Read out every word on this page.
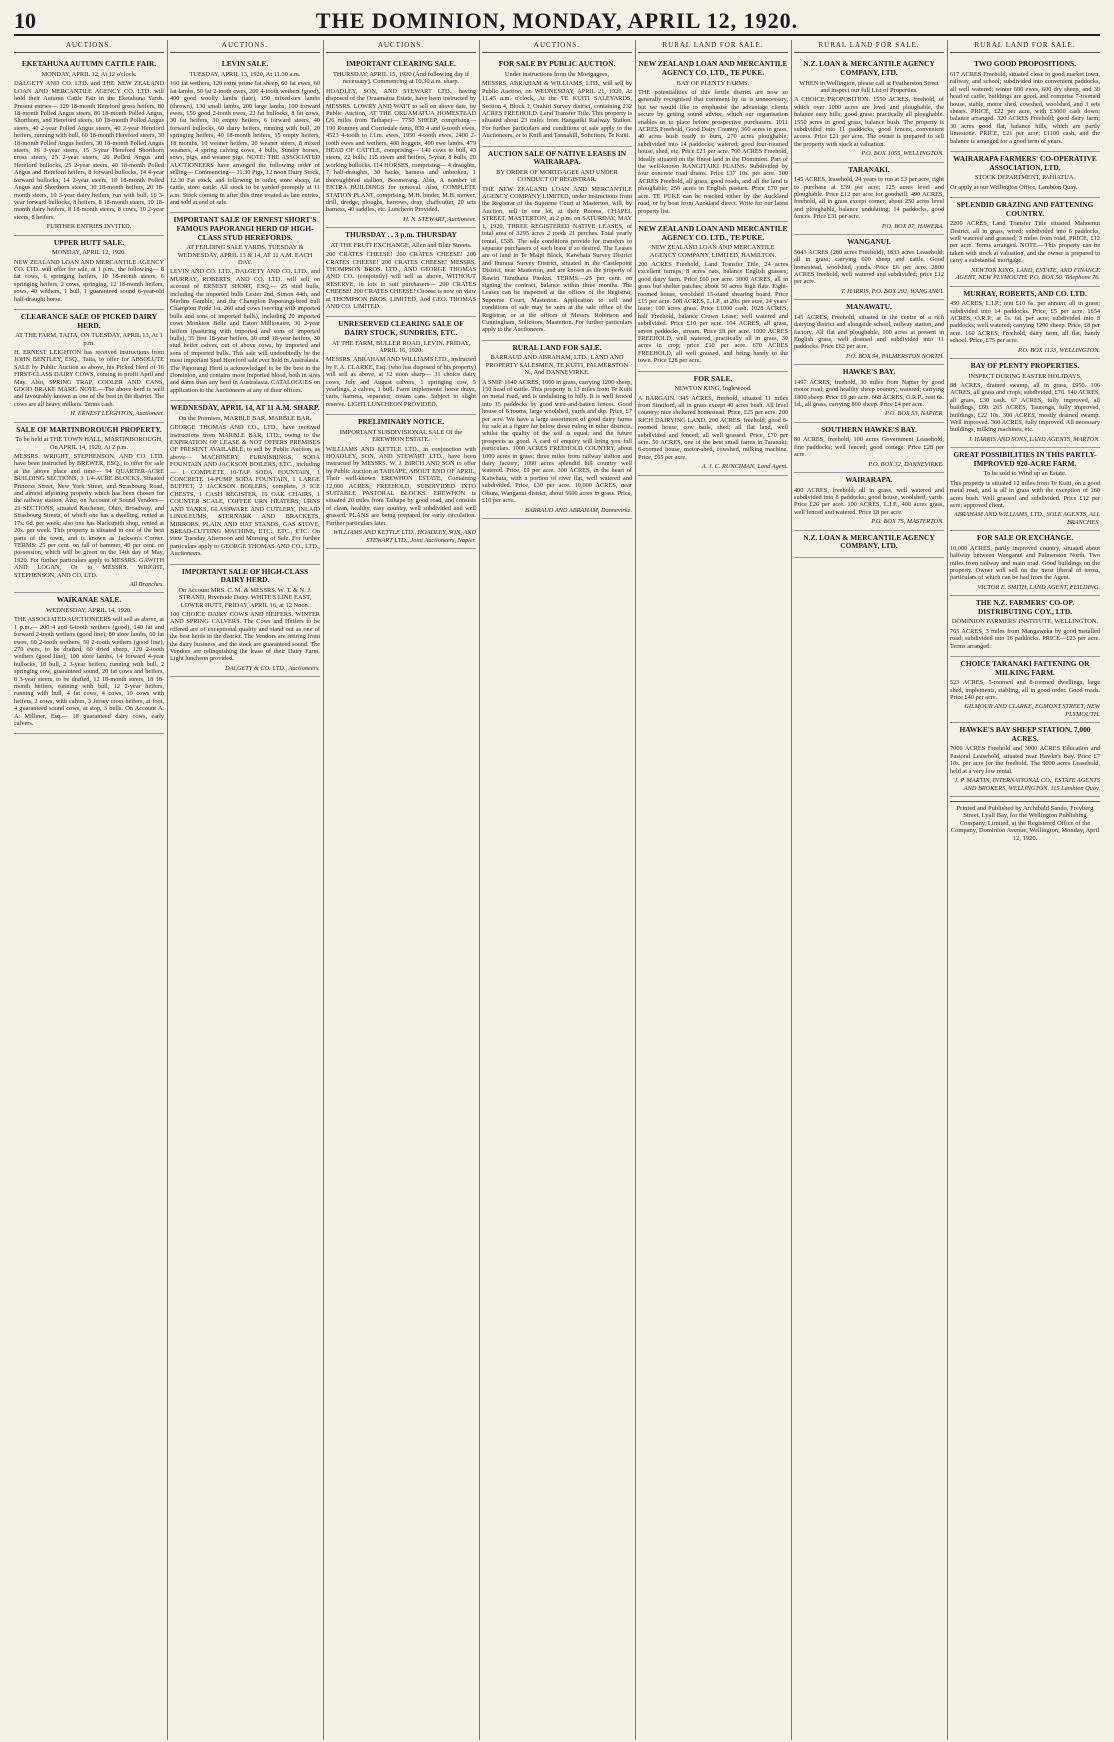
10	THE DOMINION, MONDAY, APRIL 12, 1920.
AUCTIONS.
EKETAHUNA AUTUMN CATTLE FAIR.
MONDAY, APRIL 12, At 12 o'clock.

DALGETY AND CO. LTD. and THE NEW ZEALAND LOAN AND MERCANTILE AGENCY CO. LTD. will hold their Autumn Cattle Fair in the Eketahuna Yards. Present entries— 120 18-month Hereford gross heifers, 80 18-month Polled Angus steers, 80 18-month Polled Angus, Shorthorn, and Hereford steers, 60 18-month Polled Angus steers, 40 2-year Polled Angus steers, 40 2-year Hereford heifers, running with bull, 60 18-month Hereford steers, 30 18-month Polled Angus heifers, 30 18-month Polled Angus steers, 16 3-year steers, 15 3-year Hereford Shorthorn cross steers, 25 2-year steers, 20 Polled Angus and Hereford bullocks, 25 2-year steers, 40 18-month Polled Angus and Hereford heifers, 8 forward bullocks, 14 4-year forward bullocks, 14 2-year steers, 18 18-month Polled Angus and Shorthorn steers, 30 18-month heifers, 20 18-month steers, 10 3-year dairy heifers, run with bull, 16 3-year forward bullocks, 8 heifers, 8 18-month steers, 10 18-month dairy heifers, 8 18-month steers, 8 cows, 10 2-year steers, 8 heifers.

FURTHER ENTRIES INVITED.
UPPER HUTT SALE.
MONDAY, APRIL 12, 1920.

NEW ZEALAND LOAN AND MERCANTILE AGENCY CO. LTD. will offer for sale, at 1 p.m., the following— 8 fat cows, 6 springing heifers, 10 18-month steers, 6 springing heifers, 2 cows, springing, 12 18-month heifers, sows, 40 wethers, 1 bull, 1 guaranteed sound 6-year-old half-draught horse.

CLEARANCE SALE OF PICKED DAIRY HERD.
AT THE FARM, TAITA, ON TUESDAY, APRIL 13, At 1 p.m.

H. ERNEST LEIGHTON has received instructions from JOHN BENTLEY, ESQ., Taita, to offer for ABSOLUTE SALE by Public Auction as above, his Picked Herd of 16 FIRST-CLASS DAIRY COWS, coming to profit April and May. Also, SPRING TRAP, COOLER AND CANS, GOOD BRAKE MARE. NOTE.—The above herd is well and favourably known as one of the best in the district. The cows are all heavy milkers. Terms cash.

H. ERNEST LEIGHTON, Auctioneer.
SALE OF MARTINBOROUGH PROPERTY.
To be held at THE TOWN HALL, MARTINBOROUGH, On APRIL 14, 1920, At 2 p.m.

MESSRS. WRIGHT, STEPHENSON, AND CO. LTD. have been instructed by BREWER, ESQ., to offer for sale at the above place and time— 94 QUARTER-ACRE BUILDING SECTIONS, 3 1/4-ACRE BLOCKS. Situated Princess Street, New York Street, and Strasbourg Road, and almost adjoining property which has been chosen for the railway station. Also, on Account of Sound Vendors— 23 SECTIONS, situated Kitchener, Ohio, Broadway, and Strasbourg Streets, of which one has a dwelling, rented at 17s. 6d. per week; also one has blacksmith shop, rented at 20s. per week. This property is situated in one of the best parts of the town, and is known as Jackson's Corner. TERMS: 25 per cent. on fall of hammer, 40 per cent. on possession, which will be given on the 14th day of May, 1920. For further particulars apply to MESSRS. GAWITH AND LOGAN, Or to MESSRS. WRIGHT, STEPHENSON, AND CO. LTD.

All Branches.
WAIKANAE SALE.
WEDNESDAY, APRIL 14, 1920.

THE ASSOCIATED AUCTIONEERS will sell as above, at 1 p.m.— 200 4 and 6-tooth wethers (good), 140 fat and forward 2-tooth wethers (good line), 80 store lambs, 60 fat ewes, 60 2-tooth wethers, 50 2-tooth wethers (good line), 270 ewes, to be drafted, 60 dried sheep, 120 2-tooth wethers (good line), 100 store lambs, 14 forward 4-year bullocks, 18 bull, 2 3-year heifers, running with bull, 2 springing cow, guaranteed sound, 20 fat cows and heifers, 8 3-year steers, to be drafted, 12 18-month steers, 18 18-month heifers, running with bull, 12 2-year heifers, running with bull, 4 fat cows, 4 cows, 10 cows with heifers, 2 cows, with calves, 3 Jersey cross heifers, at foot, 4 guaranteed sound cows, at stop, 3 bulls. On Account A. A. Milliner, Esq.— 18 guaranteed dairy cows, early calvers.

AUCTIONS.
LEVIN SALE.
TUESDAY, APRIL 13, 1920, At 11.30 a.m.

160 fat wethers, 120 extra prime fat sheep, 60 fat ewes, 60 fat lambs, 50 fat 2-tooth ewes, 200 4-tooth wethers (good), 400 good woolly lambs (late), 150 mixed-sex lambs (thrown), 130 small lambs, 200 large lambs, 100 forward ewes, 150 good 2-tooth ewes, 22 fat bullocks, 8 fat cows, 30 fat heifers, 30 empty heifers, 6 forward steers, 40 forward bullocks, 60 dairy heifers, running with bull, 20 springing heifers, 40 18-month heifers, 15 empty heifers, 18 months, 10 weaner heifers, 20 weaner steers, 8 mixed weaners, 4 spring calving cows, 4 bulls, Sundry horses, sows, pigs, and weaner pigs. NOTE: THE ASSOCIATED AUCTIONEERS have arranged the following order of selling— Commencing— 11.30 Pigs, 12 noon Dairy Stock, 12.30 Fat stock, and following in order, store sheep, fat cattle, store cattle. All stock to be yarded promptly at 11 a.m. Stock coming in after this time treated as late entries, and sold at end of sale.

IMPORTANT SALE OF ERNEST SHORT'S FAMOUS PAPORANGI HERD OF HIGH-CLASS STUD HEREFORDS.
AT FEILDING SALE YARDS, TUESDAY & WEDNESDAY, APRIL 13 & 14, AT 11 A.M. EACH DAY.

LEVIN AND CO. LTD., DALGETY AND CO. LTD., and MURRAY, ROBERTS, AND CO. LTD. will sell on account of ERNEST SHORT, ESQ.— 25 stud bulls, including the imported bulls Lester 2nd, Simon 44th, and Merlins Gamble, and the Champion Paporangi-bred bull Champion Pride 1st. 260 stud cows (serving with imported bulls and sons of imported bulls), including 20 imported cows Monkton Belle and Eaton Millionaire, 30 2-year heifers (pasturing with imported and sons of imported bulls), 35 first 18-year heifers, 30 stud 18-year heifers, 30 stud heifer calves, out of above cows, by imported and sons of imported bulls. This sale will undoubtedly be the most important Stud Hereford sale ever held in Australasia. The Paporangi Herd is acknowledged to be the best in the Dominion, and contains more imported blood, both in sires and dams than any herd in Australasia. CATALOGUES on application to the Auctioneers at any of their offices.

WEDNESDAY, APRIL 14, AT 11 A.M. SHARP.
On the Premises, MARBLE BAR, MARBLE BAR.

GEORGE THOMAS AND CO., LTD., have received instructions from MARBLE BAR, LTD., owing to the EXPIRATION OF LEASE & NOT OFFERS PREMISES OF PRESENT AVAILABLE, to sell by Public Auction, as above— MACHINERY, FURNISHINGS, SODA FOUNTAIN AND JACKSON BOILERS, ETC., including— 1 COMPLETE 10-TAP SODA FOUNTAIN, 1 CONCRETE 14-PUMP SODA FOUNTAIN, 1 LARGE BUFFET, 2 JACKSON BOILERS, complete, 3 ICE CHESTS, 1 CASH REGISTER, 10 OAK CHAIRS, 1 COUNTER SCALE, COFFEE URN HEATERS, URNS AND TANKS, GLASSWARE AND CUTLERY, INLAID LINOLEUMS, STERNARK AND BRACKETS, MIRRORS, PLAIN AND HAT STANDS, GAS STOVE, BREAD-CUTTING MACHINE, ETC., ETC., ETC. On view Tuesday Afternoon and Morning of Sale. For further particulars apply to GEORGE THOMAS AND CO., LTD., Auctioneers.

IMPORTANT SALE OF HIGH-CLASS DAIRY HERD.
On Account MRS. C. M. & MESSRS. W. T. & N. J. STRAND, Riverside Dairy. WHITE'S LINE EAST, LOWER HUTT, FRIDAY, APRIL 16, at 12 Noon.

100 CHOICE DAIRY COWS AND HEIFERS. WINTER AND SPRING CALVERS. The Cows and Heifers to be offered are of exceptional quality and stand out as one of the best herds in the district. The Vendors are retiring from the dairy business, and the stock are guaranteed sound. The Vendors are relinquishing the lease of their Dairy Farm. Light luncheon provided.

DALGETY & CO. LTD., Auctioneers.
AUCTIONS.
IMPORTANT CLEARING SALE.
THURSDAY, APRIL 15, 1920 (And following day if necessary). Commencing at 10.30 a.m. sharp.

HOADLEY, SON, AND STEWART LTD., having disposed of the Oruamatua Estate, have been instructed by MESSRS. LOWRY AND WATT to sell on above date, by Public Auction, AT THE ORUAMATUA HOMESTEAD (26 miles from Taihape)— 7750 SHEEP, comprising— 190 Romney and Corriedale rams, 850 4 and 6-tooth ewes, 4523 4-tooth to f.f.m. ewes, 1950 4-tooth ewes, 2400 2-tooth ewes and wethers, 400 hoggets, 400 ewe lambs. 479 HEAD OF CATTLE, comprising— 140 cows to bull, 43 steers, 22 bulls, 115 steers and heifers, 5-year, 8 bulls, 20 working bullocks. 114 HORSES, comprising— 4 draughts, 7 half-draughts, 30 hacks, harness and unbroken, 1 thoroughbred stallion, Boomerang. Also, A number of EXTRA BUILDINGS for removal. Also, COMPLETE STATION PLANT, comprising, M.H. binder, M.H. mower, drill, dredge, ploughs, harrows, dray, chaffcutter, 20 sets harness, 40 saddles, etc. Luncheon Provided.

H. N. STEWART, Auctioneer.
THURSDAY . . 3 p.m. THURSDAY
AT THE FRUIT EXCHANGE, Allen and Blair Streets.

200 CRATES CHEESE! 200 CRATES CHEESE! 200 CRATES CHEESE! 200 CRATES CHEESE! MESSRS. THOMPSON BROS. LTD., AND GEORGE THOMAS AND CO. (conjointly) will sell as above, WITHOUT RESERVE, in lots to suit purchasers— 200 CRATES CHEESE! 200 CRATES CHEESE! Choose is now on view at THOMPSON BROS. LIMITED, And GEO. THOMAS AND CO. LIMITED.

UNRESERVED CLEARING SALE OF DAIRY STOCK, SUNDRIES, ETC.
AT THE FARM, BULLER ROAD, LEVIN. FRIDAY, APRIL 16, 1920.

MESSRS. ABRAHAM AND WILLIAMS LTD., instructed by F. A. CLARKE, Esq. (who has disposed of his property) will sell as above, at 12 noon sharp— 31 choice dairy cows, July and August calvers, 1 springing cow, 5 yearlings, 2 calves, 1 bull. Farm implements: horse drays, carts, harness, separator, cream cans. Subject to slight reserve. LIGHT LUNCHEON PROVIDED.

PRELIMINARY NOTICE.
IMPORTANT SUBDIVISIONAL SALE Of the EREWHON ESTATE.

WILLIAMS AND KETTLE LTD., in conjunction with HOADLEY, SON, AND STEWART LTD., have been instructed by MESSRS. W. J. BIRCH AND SON to offer by Public Auction at TAIHAPE, ABOUT END OF APRIL, Their well-known EREWHON ESTATE, Containing 12,000 ACRES, FREEHOLD, SUBDIVIDED INTO SUITABLE PASTORAL BLOCKS. EREWHON is situated 20 miles from Taihape by good road, and consists of clean, healthy, easy country, well subdivided and well grassed. PLANS are being prepared for early circulation. Further particulars later.

WILLIAMS AND KETTLE LTD., HOADLEY, SON, AND STEWART LTD., Joint Auctioneers, Napier.
AUCTIONS.
FOR SALE BY PUBLIC AUCTION.
Under instructions from the Mortgagees,

MESSRS. ABRAHAM & WILLIAMS, LTD., will sell by Public Auction, on WEDNESDAY, APRIL 21, 1920, At 11.45 a.m. o'clock, At the TE KUITI SALEYARDS, Section 4, Block 1, Orahiri Survey district, containing 232 ACRES FREEHOLD. Land Transfer Title. This property is situated about 23 miles from Hangatiki Railway Station. For further particulars and conditions of sale apply to the Auctioneers, or to Knill and Tannahill, Solicitors, Te Kuiti.

AUCTION SALE OF NATIVE LEASES IN WAIRARAPA.
BY ORDER OF MORTGAGEE AND UNDER CONDUCT OF REGISTRAR.

THE NEW ZEALAND LOAN AND MERCANTILE AGENCY COMPANY LIMITED, under instructions from the Registrar of the Supreme Court at Masterton, will, by Auction, sell in one lot, at their Rooms, CHAPEL STREET, MASTERTON, at 2 p.m. on SATURDAY, MAY 1, 1920, THREE REGISTERED NATIVE LEASES, of total area of 3295 acres 2 roods 21 perches. Total yearly rental, £535. The sale conditions provide for transfers to separate purchasers of each lease if so desired. The Leases are of land in Te Maipi Block, Kaiwhata Survey District and Ihuraua Survey District, situated in the Castlepoint District, near Masterton, and are known as the property of Rawiri Tamihana Pitokui. TERMS.—25 per cent. on signing the contract, balance within three months. The Leases can be inspected at the offices of the Registrar, Supreme Court, Masterton. Application to sell and conditions of sale may be seen at the sale office of the Registrar, or at the offices of Messrs. Robinson and Cunningham, Solicitors, Masterton. For further particulars apply to the Auctioneers.

RURAL LAND FOR SALE.
BARRAUD AND ABRAHAM, LTD., LAND AND PROPERTY SALESMEN, TE KUITI, PALMERSTON N., And DANNEVIRKE.

A SNIP. 1640 ACRES, 1000 in grass, carrying 1200 sheep, 150 head of cattle. This property is 13 miles from Te Kuiti on metal road, and is undulating to hilly. It is well fenced into 15 paddocks by good wire-and-batten fences. Good house of 6 rooms, large woolshed, yards and dip. Price, £7 per acre. We have a large assortment of good dairy farms for sale at a figure far below those ruling in other districts, whilst the quality of the soil is equal; and the future prospects as good. A card of enquiry will bring you full particulars. 1000 ACRES FREEHOLD COUNTRY, about 1000 acres in grass; three miles from railway station and dairy factory; 1000 acres splendid hill country well watered. Price, £9 per acre. 300 ACRES, in the heart of Kaiwhata, with a portion of river flat, well watered and subdivided. Price, £30 per acre. 10,000 ACRES, near Ohura, Wanganui district, about 5600 acres in grass. Price, £10 per acre.

BARRAUD AND ABRAHAM, Dannevirke.
RURAL LAND FOR SALE.
NEW ZEALAND LOAN AND MERCANTILE AGENCY CO. LTD., TE PUKE.
BAY OF PLENTY FARMS.

THE potentialities of this fertile district are now so generally recognised that comment by us is unnecessary, but we would like to emphasise the advantage clients secure by getting sound advice, which our organisation enables us to place before prospective purchasers. 1011 ACRES Freehold, Good Dairy Country, 360 acres in grass, 40 acres bush ready to burn, 270 acres ploughable; subdivided into 14 paddocks; watered; good four-roomed house, shed, etc. Price £21 per acre. 700 ACRES Freehold, Ideally situated on the finest land in the Dominion. Part of the well-known RANGITAIKI PLAINS. Subdivided by four concrete road drains. Price £37 10s. per acre. 300 ACRES Freehold, all grass, good roads, and all the land is ploughable; 250 acres in English pasture. Price £70 per acre. TE PUKE can be reached either by the Auckland road, or by boat from Auckland direct. Write for our latest property list.

NEW ZEALAND LOAN AND MERCANTILE AGENCY CO. LTD., TE PUKE.
NEW ZEALAND LOAN AND MERCANTILE AGENCY COMPANY, LIMITED, HAMILTON.

200 ACRES Freehold, Land Transfer Title, 24 acres excellent turnips, 8 acres oats, balance English grasses; good dairy farm. Price £60 per acre. 3000 ACRES, all in grass but shelter patches; about 50 acres high flats. Eight-roomed house, woolshed 15-stand shearing board. Price £15 per acre. 508 ACRES, L.I.P., at 20s. per acre, 24 years' lease; 100 acres grass. Price £1000 cash. 1028 ACRES, half Freehold, balance Crown Lease; well watered and subdivided. Price £10 per acre. 104 ACRES, all grass, seven paddocks, stream. Price £8 per acre. 1000 ACRES FREEHOLD, well watered, practically all in grass, 30 acres in crop; price £10 per acre. 670 ACRES FREEHOLD, all well grassed, and being handy to the town. Price £28 per acre.

FOR SALE.
NEWTON KING, Inglewood.

A BARGAIN. 345 ACRES, freehold, situated 11 miles from Stratford, all in grass except 40 acres bush. All level country; nice sheltered homestead. Price, £25 per acre. 200 RICH DAIRYING LAND. 200 ACRES, freehold, good 6-roomed house, cow bails, shed; all flat land, well subdivided and fenced; all well grassed. Price, £70 per acre. 50 ACRES, one of the best small farms in Taranaki; 6-roomed house, motor-shed, cowshed, milking machine. Price, £65 per acre.

A. J. C. RUNCIMAN, Land Agent.
RURAL LAND FOR SALE.
N.Z. LOAN & MERCANTILE AGENCY COMPANY, LTD.
WHEN in Wellington, please call at Featherston Street and inspect our full List of Properties.

A CHOICE PROPOSITION. 1550 ACRES, freehold, of which over 1000 acres are level and ploughable, the balance easy hills; good grass; practically all ploughable. 1550 acres in good grass, balance bush. The property is subdivided into 11 paddocks, good fences; convenient access. Price £21 per acre. The owner is prepared to sell the property with stock at valuation.

P.O. BOX 1055, WELLINGTON.
TARANAKI.

145 ACRES, leasehold, 24 years to run at £3 per acre, right to purchase at £39 per acre; 125 acres level and ploughable. Price £12 per acre for goodwill. 490 ACRES, freehold, all in grass except corner; about 250 acres level and ploughable, balance undulating; 14 paddocks, good fences. Price £31 per acre.

P.O. BOX 87, HAWERA.
WANGANUI.

5043 ACRES (280 acres Freehold), 1833 acres Leasehold; all in grass; carrying 600 sheep and cattle. Good homestead, woolshed, yards. Price £6 per acre. 2800 ACRES freehold, well watered and subdivided; price £12 per acre.

T. HARRIS, P.O. BOX 292, WANGANUI.
MANAWATU.

145 ACRES, Freehold, situated in the centre of a rich dairying district and alongside school, railway station, and factory. All flat and ploughable, 100 acres at present in English grass, well drained and subdivided into 11 paddocks. Price £62 per acre.

P.O. BOX 94, PALMERSTON NORTH.
HAWKE'S BAY.

1497 ACRES, freehold, 30 miles from Napier by good motor road; good healthy sheep country; watered; carrying 1800 sheep. Price £9 per acre. 668 ACRES, O.R.P., rent 6s. 1d., all grass, carrying 800 sheep. Price £4 per acre.

P.O. BOX 53, NAPIER.
SOUTHERN HAWKE'S BAY.

80 ACRES, freehold, 100 acres Government Leasehold; fine paddocks; well fenced; good cottage. Price £28 per acre.

P.O. BOX 32, DANNEVIRKE.
WAIRARAPA.

400 ACRES, freehold, all in grass, well watered and subdivided into 8 paddocks; good house, woolshed, yards. Price £26 per acre. 100 ACRES, L.I.P., 400 acres grass, well fenced and watered. Price £8 per acre.

P.O. BOX 75, MASTERTON.
N.Z. LOAN & MERCANTILE AGENCY COMPANY, LTD.
RURAL LAND FOR SALE.
TWO GOOD PROPOSITIONS.

617 ACRES Freehold, situated close to good market town, railway, and school; subdivided into convenient paddocks, all well watered; winter 600 ewes, 600 dry sheep, and 30 head of cattle; buildings are good, and comprise 7-roomed house, stable, motor shed, cowshed, woolshed, and 3 sets shears. PRICE, £22 per acre, with £3000 cash down; balance arranged. 320 ACRES Freehold; good dairy farm; 30 acres good flat, balance hills, which are partly limestone. PRICE, £21 per acre; £1100 cash, and the balance is arranged for a good term of years.

WAIRARAPA FARMERS' CO-OPERATIVE ASSOCIATION, LTD.
STOCK DEPARTMENT, PAHIATUA.

Or apply at our Wellington Office, Lambton Quay.

SPLENDID GRAZING AND FATTENING COUNTRY.

2200 ACRES, Land Transfer Title situated Mahoenui District, all in grass, wired; subdivided into 6 paddocks, well watered and grassed; 3 miles from road. PRICE, £12 per acre. Terms arranged. NOTE.—This property can be taken with stock at valuation, and the owner is prepared to carry a substantial mortgage.

NEWTON KING, LAND, ESTATE, AND FINANCE AGENT, NEW PLYMOUTH. P.O. BOX 50. Telephone 76.
MURRAY, ROBERTS, AND CO. LTD.

450 ACRES, L.I.P.; rent £10 6s. per annum; all in grass; subdivided into 14 paddocks. Price, £5 per acre. 1654 ACRES, O.R.P., at 1s. 6d. per acre; subdivided into 8 paddocks; well watered; carrying 1200 sheep. Price, £8 per acre. 160 ACRES, Freehold, dairy farm, all flat, handy school. Price, £75 per acre.

P.O. BOX 1133, WELLINGTON.
BAY OF PLENTY PROPERTIES.
INSPECT DURING EASTER HOLIDAYS.

88 ACRES, drained swamp, all in grass, £950. 106 ACRES, all grass and crops, subdivided, £70. 140 ACRES, all grass, £30 cash. 67 ACRES, fully improved, all buildings, £60. 265 ACRES, Taurenga, fully improved, buildings, £22 10s. 300 ACRES, mostly drained swamp. Well improved. 360 ACRES, fully improved. All necessary buildings, milking machines, etc.

J. HARRIS AND SONS, LAND AGENTS, MARTON.
GREAT POSSIBILITIES IN THIS PARTLY-IMPROVED 920-ACRE FARM.
To be sold to Wind up an Estate.

This property is situated 12 miles from Te Kuiti, on a good metal road, and is all in grass with the exception of 160 acres bush. Well grassed and subdivided. Price £12 per acre; approved client.

ABRAHAM AND WILLIAMS, LTD., SOLE AGENTS, ALL BRANCHES.
FOR SALE OR EXCHANGE.

10,000 ACRES, partly improved country, situated about halfway between Wanganui and Palmerston North. Two miles from railway and main road. Good buildings on the property. Owner will sell on the most liberal of terms, particulars of which can be had from the Agent.

VICTOR E. SMITH, LAND AGENT, FEILDING.
THE N.Z. FARMERS' CO-OP. DISTRIBUTING COY., LTD.
DOMINION FARMERS' INSTITUTE, WELLINGTON.

765 ACRES, 3 miles from Mangaweka by good metalled road; subdivided into 16 paddocks. PRICE—£23 per acre. Terms arranged.

CHOICE TARANAKI FATTENING OR MILKING FARM.

523 ACRES, 5-roomed and 8-roomed dwellings, large shed, implements, stabling, all in good order. Good roads. Price £40 per acre.

GILMOUR AND CLARKE, EGMONT STREET, NEW PLYMOUTH.
HAWKE'S BAY SHEEP STATION. 7,000 ACRES.

7000 ACRES Freehold and 3000 ACRES Education and Pastoral Leasehold, situated near Hawke's Bay. Price £7 10s. per acre for the freehold. The 9000 acres Leasehold, held at a very low rental.

J. P. MARTIN, INTERNATIONAL CO., ESTATE AGENTS AND BROKERS, WELLINGTON. 115 Lambton Quay.
Printed and Published by Archibald Sando, Freyberg Street, Lyall Bay, for the Wellington Publishing Company, Limited, at the Registered Office of the Company, Dominion Avenue, Wellington, Monday, April 12, 1920.
